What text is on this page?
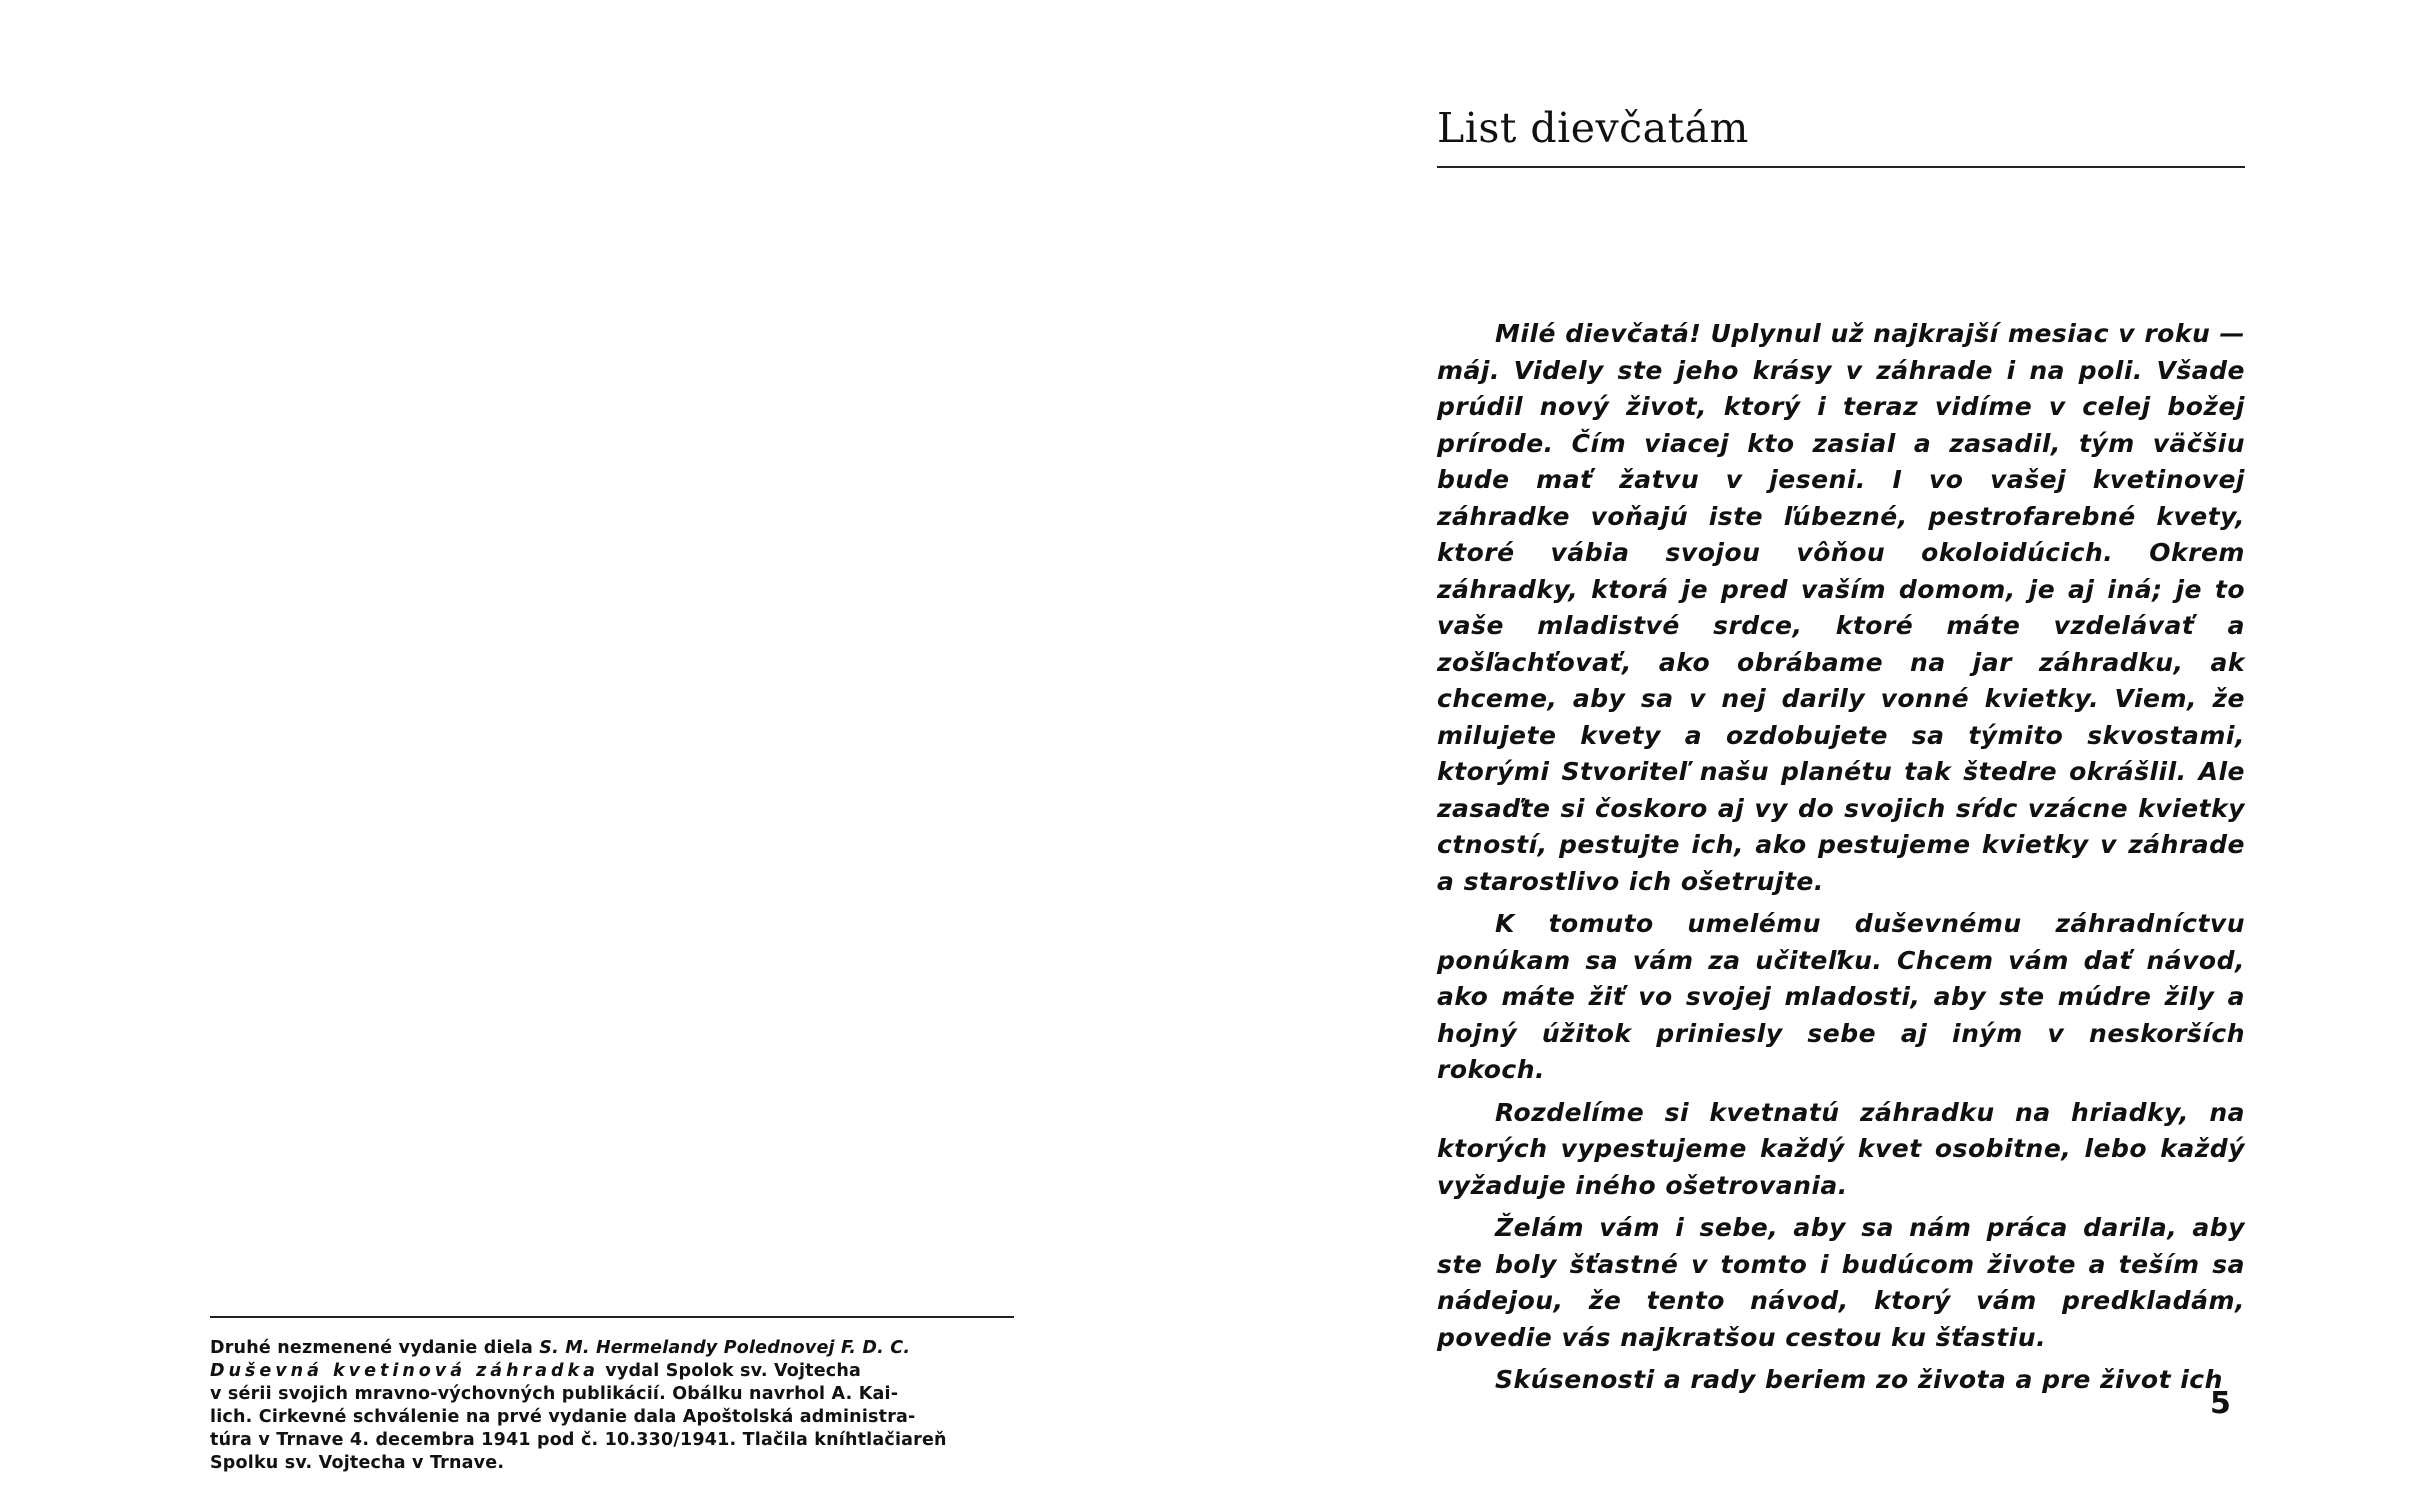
Druhé nezmenené vydanie diela S. M. Hermelandy Polednovej F. D. C.
Duševná kvetinová záhradka vydal Spolok sv. Vojtecha
v sérii svojich mravno-výchovných publikácií. Obálku navrhol A. Kai-
lich. Cirkevné schválenie na prvé vydanie dala Apoštolská administra-
túra v Trnave 4. decembra 1941 pod č. 10.330/1941. Tlačila kníhtlačiareň
Spolku sv. Vojtecha v Trnave.
List dievčatám

Milé dievčatá! Uplynul už najkrajší mesiac v roku — máj. Videly ste jeho krásy v záhrade i na poli. Všade prúdil nový život, ktorý i teraz vidíme v celej božej prírode. Čím viacej kto zasial a zasadil, tým väčšiu bude mať žatvu v jeseni. I vo vašej kvetinovej záhradke voňajú iste ľúbezné, pestrofarebné kvety, ktoré vábia svojou vôňou okoloidúcich. Okrem záhradky, ktorá je pred vaším domom, je aj iná; je to vaše mladistvé srdce, ktoré máte vzdelávať a zošľachťovať, ako obrábame na jar záhradku, ak chceme, aby sa v nej darily vonné kvietky. Viem, že milujete kvety a ozdobujete sa týmito skvostami, ktorými Stvoriteľ našu planétu tak štedre okrášlil. Ale zasaďte si čoskoro aj vy do svojich sŕdc vzácne kvietky ctností, pestujte ich, ako pestujeme kvietky v záhrade a starostlivo ich ošetrujte.

K tomuto umelému duševnému záhradníctvu ponúkam sa vám za učiteľku. Chcem vám dať návod, ako máte žiť vo svojej mladosti, aby ste múdre žily a hojný úžitok priniesly sebe aj iným v neskorších rokoch.

Rozdelíme si kvetnatú záhradku na hriadky, na ktorých vypestujeme každý kvet osobitne, lebo každý vyžaduje iného ošetrovania.

Želám vám i sebe, aby sa nám práca darila, aby ste boly šťastné v tomto i budúcom živote a teším sa nádejou, že tento návod, ktorý vám predkladám, povedie vás najkratšou cestou ku šťastiu.

Skúsenosti a rady beriem zo života a pre život ich

5
